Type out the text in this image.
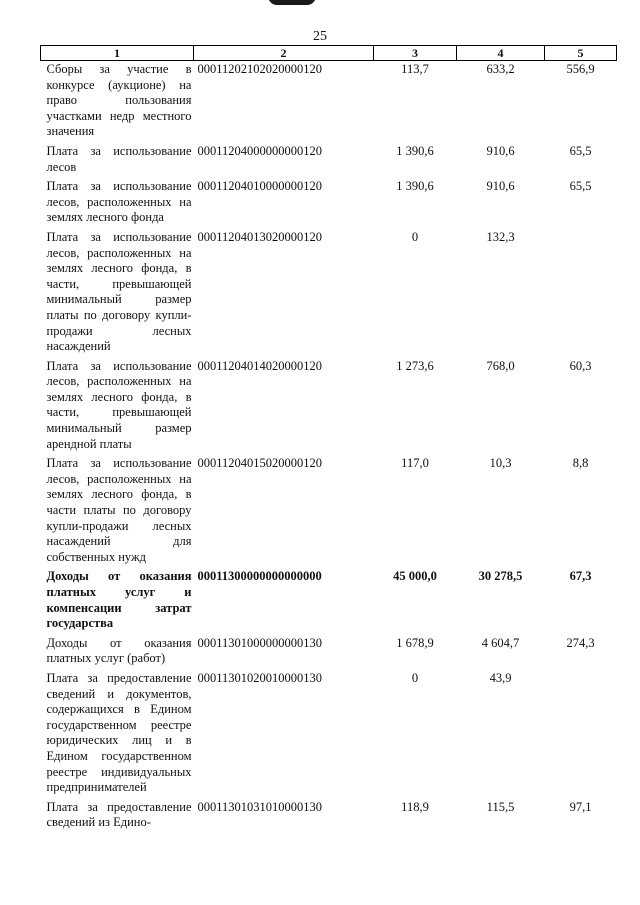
25
1	2	3	4	5
Сборы за участие в конкурсе (аукционе) на право пользования участками недр местного значения	00011202102020000120	113,7	633,2	556,9
Плата за использование лесов	00011204000000000120	1 390,6	910,6	65,5
Плата за использование лесов, расположенных на землях лесного фонда	00011204010000000120	1 390,6	910,6	65,5
Плата за использование лесов, расположенных на землях лесного фонда, в части, превышающей минимальный размер платы по договору купли-продажи лесных насаждений	00011204013020000120	0	132,3	
Плата за использование лесов, расположенных на землях лесного фонда, в части, превышающей минимальный размер арендной платы	00011204014020000120	1 273,6	768,0	60,3
Плата за использование лесов, расположенных на землях лесного фонда, в части платы по договору купли-продажи лесных насаждений для собственных нужд	00011204015020000120	117,0	10,3	8,8
Доходы от оказания платных услуг и компенсации затрат государства	00011300000000000000	45 000,0	30 278,5	67,3
Доходы от оказания платных услуг (работ)	00011301000000000130	1 678,9	4 604,7	274,3
Плата за предоставление сведений и документов, содержащихся в Едином государственном реестре юридических лиц и в Едином государственном реестре индивидуальных предпринимателей	00011301020010000130	0	43,9	
Плата за предоставление сведений из Едино-	00011301031010000130	118,9	115,5	97,1
